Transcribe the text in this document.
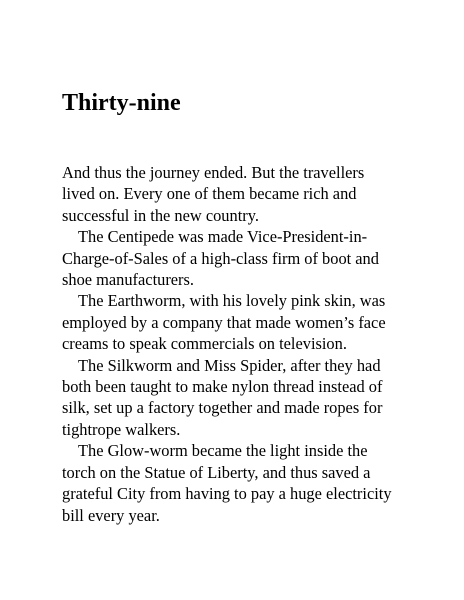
Thirty-nine

And thus the journey ended. But the travellers
lived on. Every one of them became rich and
successful in the new country.

The Centipede was made Vice-President-in-
Charge-of-Sales of a high-class firm of boot and
shoe manufacturers.

The Earthworm, with his lovely pink skin, was
employed by a company that made women’s face
creams to speak commercials on television.

The Silkworm and Miss Spider, after they had
both been taught to make nylon thread instead of
silk, set up a factory together and made ropes for
tightrope walkers.

The Glow-worm became the light inside the
torch on the Statue of Liberty, and thus saved a
grateful City from having to pay a huge electricity
bill every year.
